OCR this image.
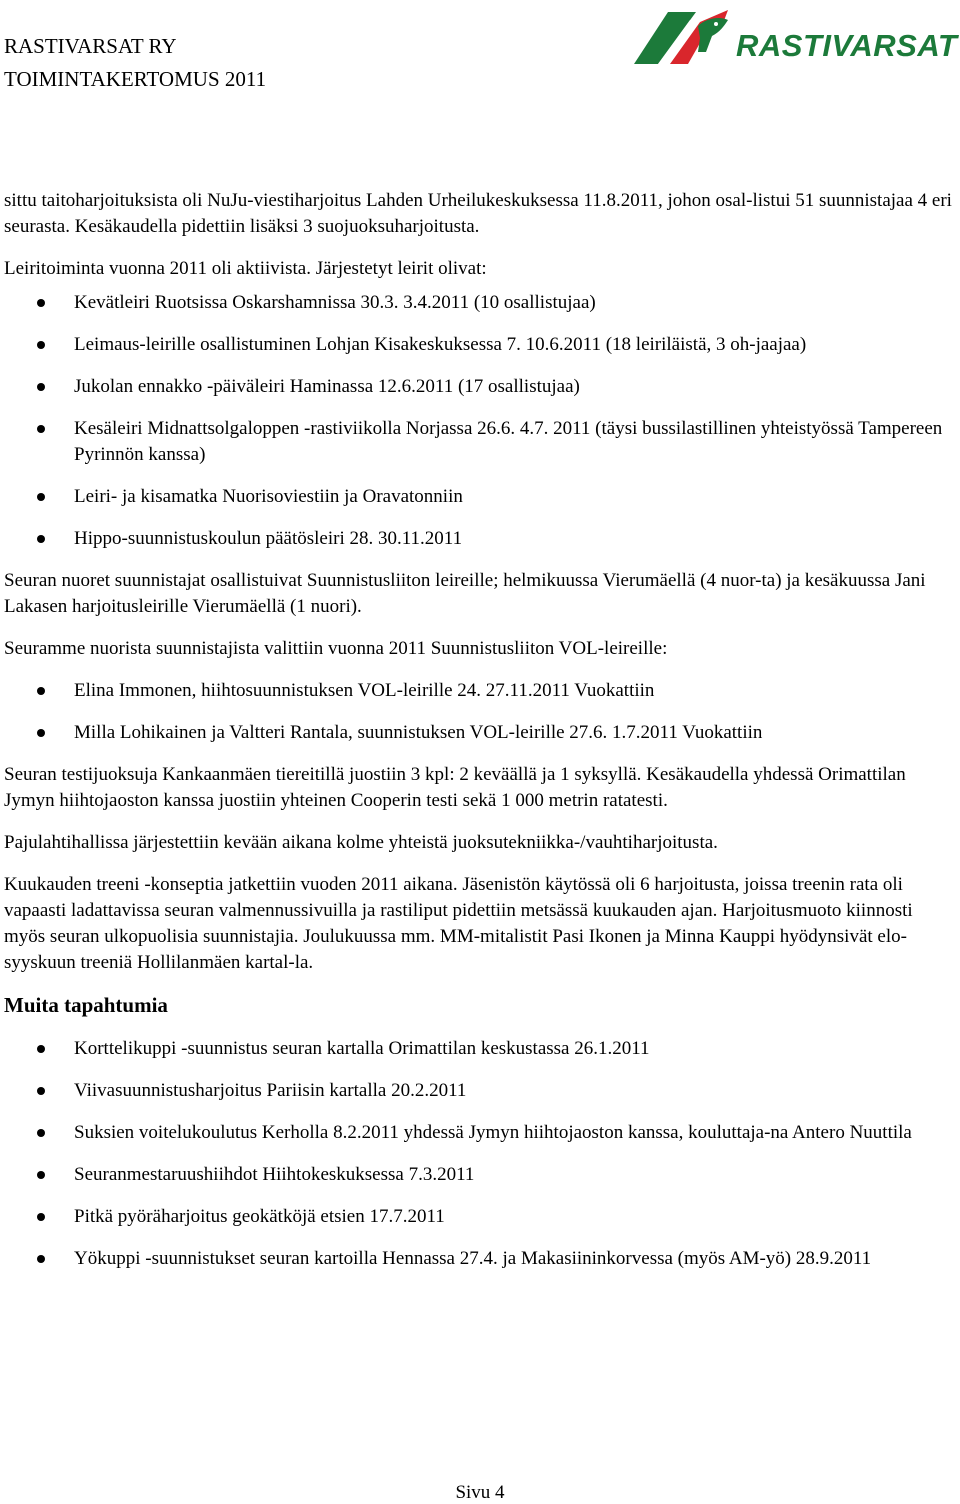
RASTIVARSAT RY
TOIMINTAKERTOMUS 2011
RASTIVARSAT

sittu taitoharjoituksista oli NuJu-viestiharjoitus Lahden Urheilukeskuksessa 11.8.2011, johon osal-listui 51 suunnistajaa 4 eri seurasta. Kesäkaudella pidettiin lisäksi 3 suojuoksuharjoitusta.

Leiritoiminta vuonna 2011 oli aktiivista. Järjestetyt leirit olivat:

Kevätleiri Ruotsissa Oskarshamnissa 30.3. 3.4.2011 (10 osallistujaa)
Leimaus-leirille osallistuminen Lohjan Kisakeskuksessa 7. 10.6.2011 (18 leiriläistä, 3 oh-jaajaa)
Jukolan ennakko -päiväleiri Haminassa 12.6.2011 (17 osallistujaa)
Kesäleiri Midnattsolgaloppen -rastiviikolla Norjassa 26.6. 4.7. 2011 (täysi bussilastillinen yhteistyössä Tampereen Pyrinnön kanssa)
Leiri- ja kisamatka Nuorisoviestiin ja Oravatonniin
Hippo-suunnistuskoulun päätösleiri 28. 30.11.2011

Seuran nuoret suunnistajat osallistuivat Suunnistusliiton leireille; helmikuussa Vierumäellä (4 nuor-ta) ja kesäkuussa Jani Lakasen harjoitusleirille Vierumäellä (1 nuori).

Seuramme nuorista suunnistajista valittiin vuonna 2011 Suunnistusliiton VOL-leireille:

Elina Immonen, hiihtosuunnistuksen VOL-leirille 24. 27.11.2011 Vuokattiin
Milla Lohikainen ja Valtteri Rantala, suunnistuksen VOL-leirille 27.6. 1.7.2011 Vuokattiin

Seuran testijuoksuja Kankaanmäen tiereitillä juostiin 3 kpl: 2 keväällä ja 1 syksyllä. Kesäkaudella yhdessä Orimattilan Jymyn hiihtojaoston kanssa juostiin yhteinen Cooperin testi sekä 1 000 metrin ratatesti.

Pajulahtihallissa järjestettiin kevään aikana kolme yhteistä juoksutekniikka-/vauhtiharjoitusta.

Kuukauden treeni -konseptia jatkettiin vuoden 2011 aikana. Jäsenistön käytössä oli 6 harjoitusta, joissa treenin rata oli vapaasti ladattavissa seuran valmennussivuilla ja rastiliput pidettiin metsässä kuukauden ajan. Harjoitusmuoto kiinnosti myös seuran ulkopuolisia suunnistajia. Joulukuussa mm. MM-mitalistit Pasi Ikonen ja Minna Kauppi hyödynsivät elo-syyskuun treeniä Hollilanmäen kartal-la.

Muita tapahtumia
Korttelikuppi -suunnistus seuran kartalla Orimattilan keskustassa 26.1.2011
Viivasuunnistusharjoitus Pariisin kartalla 20.2.2011
Suksien voitelukoulutus Kerholla 8.2.2011 yhdessä Jymyn hiihtojaoston kanssa, kouluttaja-na Antero Nuuttila
Seuranmestaruushiihdot Hiihtokeskuksessa 7.3.2011
Pitkä pyöräharjoitus geokätköjä etsien 17.7.2011
Yökuppi -suunnistukset seuran kartoilla Hennassa 27.4. ja Makasiininkorvessa (myös AM-yö) 28.9.2011
Sivu 4
